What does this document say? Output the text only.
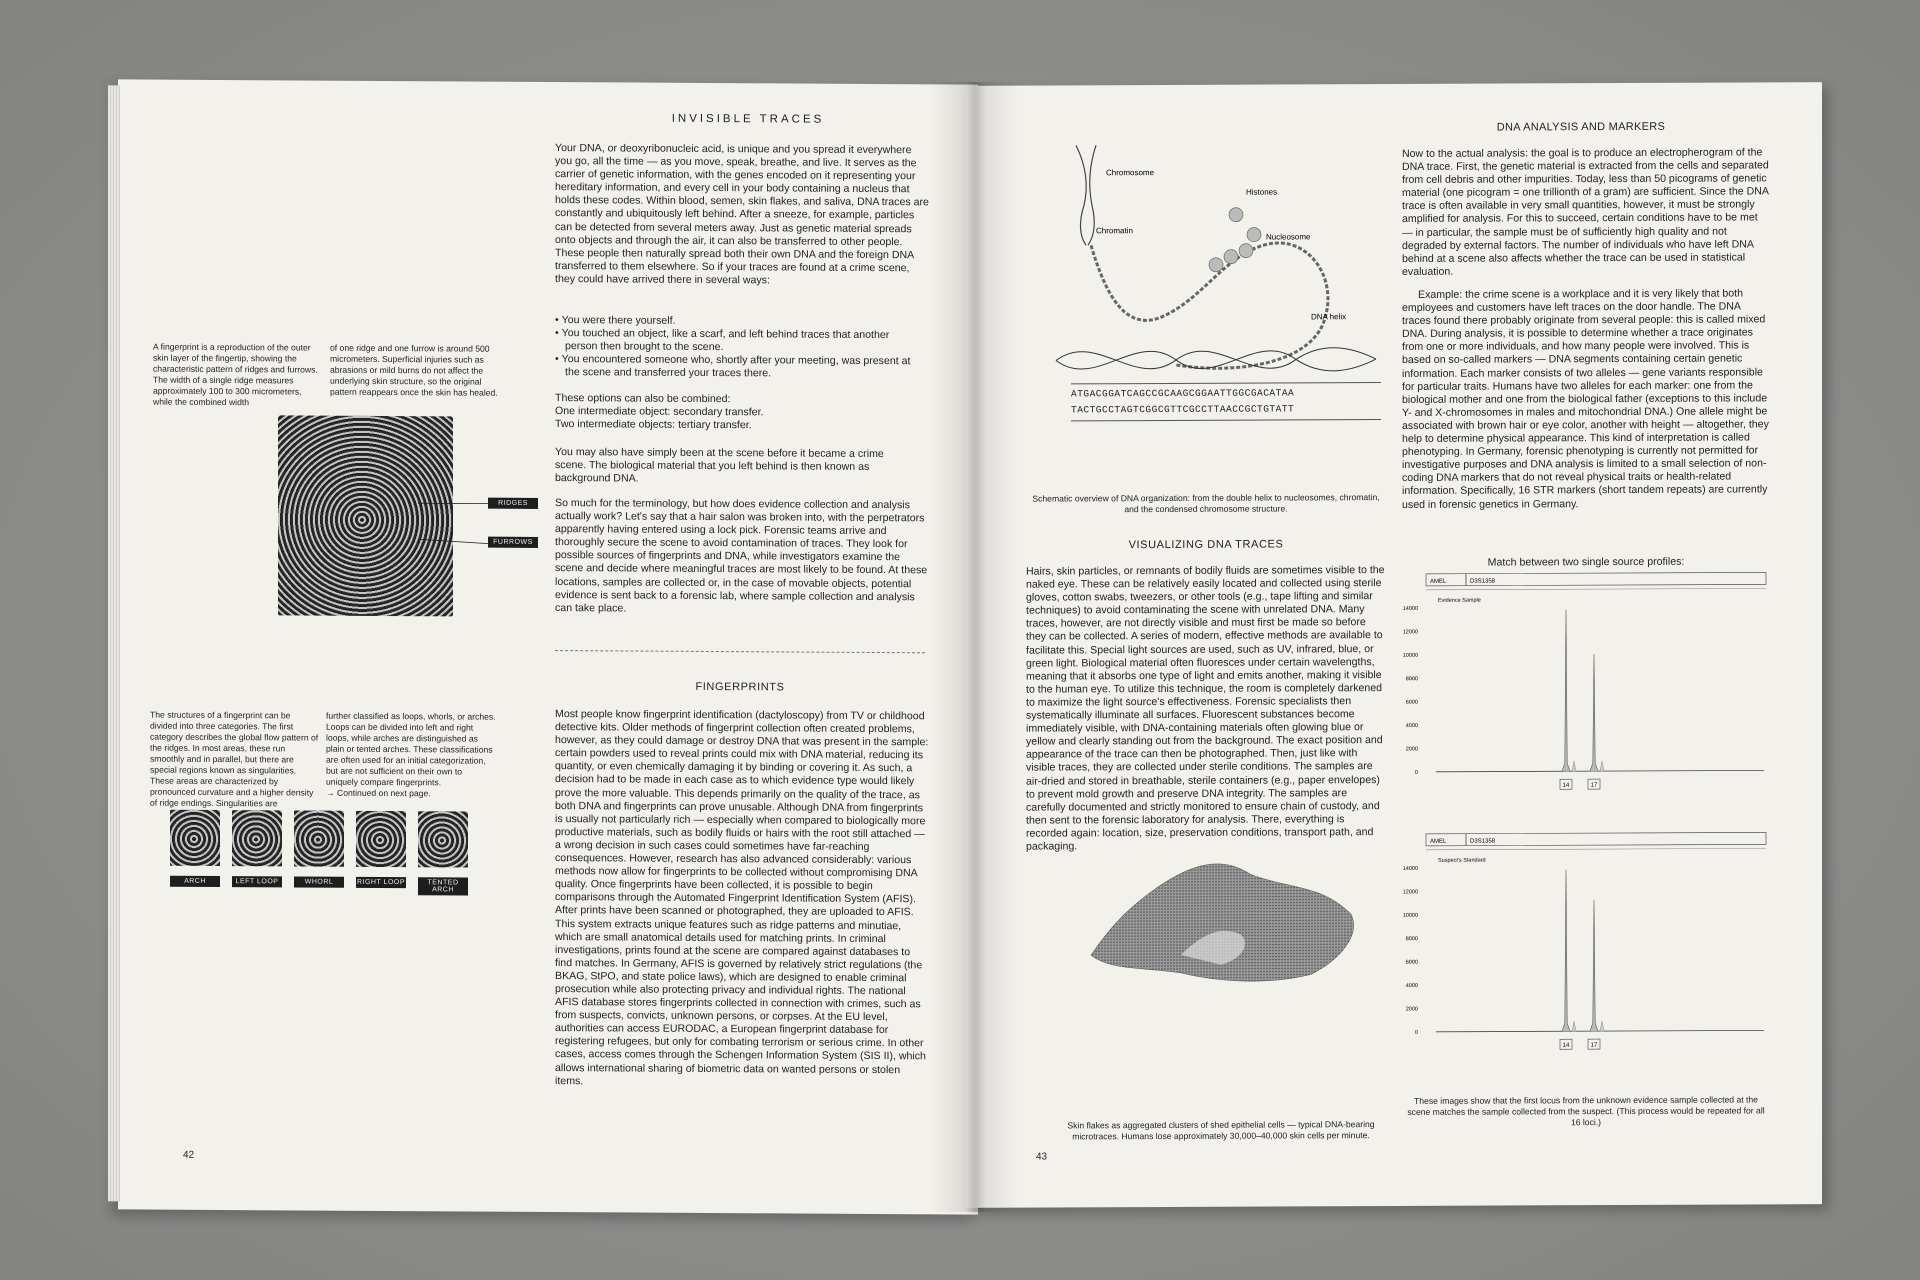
INVISIBLE TRACES
Your DNA, or deoxyribonucleic acid, is unique and you spread it everywhere you go, all the time — as you move, speak, breathe, and live. It serves as the carrier of genetic information, with the genes encoded on it representing your hereditary information, and every cell in your body containing a nucleus that holds these codes. Within blood, semen, skin flakes, and saliva, DNA traces are constantly and ubiquitously left behind. After a sneeze, for example, particles can be detected from several meters away. Just as genetic material spreads onto objects and through the air, it can also be transferred to other people. These people then naturally spread both their own DNA and the foreign DNA transferred to them elsewhere. So if your traces are found at a crime scene, they could have arrived there in several ways:
• You were there yourself.
• You touched an object, like a scarf, and left behind traces that another person then brought to the scene.
• You encountered someone who, shortly after your meeting, was present at the scene and transferred your traces there.
These options can also be combined:
One intermediate object: secondary transfer.
Two intermediate objects: tertiary transfer.
You may also have simply been at the scene before it became a crime scene. The biological material that you left behind is then known as background DNA.
So much for the terminology, but how does evidence collection and analysis actually work? Let's say that a hair salon was broken into, with the perpetrators apparently having entered using a lock pick. Forensic teams arrive and thoroughly secure the scene to avoid contamination of traces. They look for possible sources of fingerprints and DNA, while investigators examine the scene and decide where meaningful traces are most likely to be found. At these locations, samples are collected or, in the case of movable objects, potential evidence is sent back to a forensic lab, where sample collection and analysis can take place.
FINGERPRINTS
Most people know fingerprint identification (dactyloscopy) from TV or childhood detective kits. Older methods of fingerprint collection often created problems, however, as they could damage or destroy DNA that was present in the sample: certain powders used to reveal prints could mix with DNA material, reducing its quantity, or even chemically damaging it by binding or covering it. As such, a decision had to be made in each case as to which evidence type would likely prove the more valuable. This depends primarily on the quality of the trace, as both DNA and fingerprints can prove unusable. Although DNA from fingerprints is usually not particularly rich — especially when compared to biologically more productive materials, such as bodily fluids or hairs with the root still attached — a wrong decision in such cases could sometimes have far-reaching consequences. However, research has also advanced considerably: various methods now allow for fingerprints to be collected without compromising DNA quality. Once fingerprints have been collected, it is possible to begin comparisons through the Automated Fingerprint Identification System (AFIS). After prints have been scanned or photographed, they are uploaded to AFIS. This system extracts unique features such as ridge patterns and minutiae, which are small anatomical details used for matching prints. In criminal investigations, prints found at the scene are compared against databases to find matches. In Germany, AFIS is governed by relatively strict regulations (the BKAG, StPO, and state police laws), which are designed to enable criminal prosecution while also protecting privacy and individual rights. The national AFIS database stores fingerprints collected in connection with crimes, such as from suspects, convicts, unknown persons, or corpses. At the EU level, authorities can access EURODAC, a European fingerprint database for registering refugees, but only for combating terrorism or serious crime. In other cases, access comes through the Schengen Information System (SIS II), which allows international sharing of biometric data on wanted persons or stolen items.
A fingerprint is a reproduction of the outer skin layer of the fingertip, showing the characteristic pattern of ridges and furrows. The width of a single ridge measures approximately 100 to 300 micrometers, while the combined width
of one ridge and one furrow is around 500 micrometers. Superficial injuries such as abrasions or mild burns do not affect the underlying skin structure, so the original pattern reappears once the skin has healed.
RIDGES
FURROWS
The structures of a fingerprint can be divided into three categories. The first category describes the global flow pattern of the ridges. In most areas, these run smoothly and in parallel, but there are special regions known as singularities. These areas are characterized by pronounced curvature and a higher density of ridge endings. Singularities are
further classified as loops, whorls, or arches. Loops can be divided into left and right loops, while arches are distinguished as plain or tented arches. These classifications are often used for an initial categorization, but are not sufficient on their own to uniquely compare fingerprints.
→ Continued on next page.
ARCH	LEFT LOOP	WHORL	RIGHT LOOP	TENTED ARCH
42
Chromosome
Histones
Chromatin
Nucleosome
DNA helix
ATGACGGATCAGCCGCAAGCGGAATTGGCGACATAA
TACTGCCTAGTCGGCGTTCGCCTTAACCGCTGTATT
Schematic overview of DNA organization: from the double helix to nucleosomes, chromatin, and the condensed chromosome structure.
VISUALIZING DNA TRACES
Hairs, skin particles, or remnants of bodily fluids are sometimes visible to the naked eye. These can be relatively easily located and collected using sterile gloves, cotton swabs, tweezers, or other tools (e.g., tape lifting and similar techniques) to avoid contaminating the scene with unrelated DNA. Many traces, however, are not directly visible and must first be made so before they can be collected. A series of modern, effective methods are available to facilitate this. Special light sources are used, such as UV, infrared, blue, or green light. Biological material often fluoresces under certain wavelengths, meaning that it absorbs one type of light and emits another, making it visible to the human eye. To utilize this technique, the room is completely darkened to maximize the light source's effectiveness. Forensic specialists then systematically illuminate all surfaces. Fluorescent substances become immediately visible, with DNA-containing materials often glowing blue or yellow and clearly standing out from the background. The exact position and appearance of the trace can then be photographed. Then, just like with visible traces, they are collected under sterile conditions. The samples are air-dried and stored in breathable, sterile containers (e.g., paper envelopes) to prevent mold growth and preserve DNA integrity. The samples are carefully documented and strictly monitored to ensure chain of custody, and then sent to the forensic laboratory for analysis. There, everything is recorded again: location, size, preservation conditions, transport path, and packaging.
Skin flakes as aggregated clusters of shed epithelial cells — typical DNA-bearing microtraces. Humans lose approximately 30,000–40,000 skin cells per minute.
43
DNA ANALYSIS AND MARKERS
Now to the actual analysis: the goal is to produce an electropherogram of the DNA trace. First, the genetic material is extracted from the cells and separated from cell debris and other impurities. Today, less than 50 picograms of genetic material (one picogram = one trillionth of a gram) are sufficient. Since the DNA trace is often available in very small quantities, however, it must be strongly amplified for analysis. For this to succeed, certain conditions have to be met — in particular, the sample must be of sufficiently high quality and not degraded by external factors. The number of individuals who have left DNA behind at a scene also affects whether the trace can be used in statistical evaluation.
Example: the crime scene is a workplace and it is very likely that both employees and customers have left traces on the door handle. The DNA traces found there probably originate from several people: this is called mixed DNA. During analysis, it is possible to determine whether a trace originates from one or more individuals, and how many people were involved. This is based on so-called markers — DNA segments containing certain genetic information. Each marker consists of two alleles — gene variants responsible for particular traits. Humans have two alleles for each marker: one from the biological mother and one from the biological father (exceptions to this include Y- and X-chromosomes in males and mitochondrial DNA.) One allele might be associated with brown hair or eye color, another with height — altogether, they help to determine physical appearance. This kind of interpretation is called phenotyping. In Germany, forensic phenotyping is currently not permitted for investigative purposes and DNA analysis is limited to a small selection of non-coding DNA markers that do not reveal physical traits or health-related information. Specifically, 16 STR markers (short tandem repeats) are currently used in forensic genetics in Germany.
Match between two single source profiles:
AMEL	D3S1358
Evidence Sample
0
2000
4000
6000
8000
10000
12000
14000
14	17
AMEL	D3S1358
Suspect's Standard
0
2000
4000
6000
8000
10000
12000
14000
14	17
These images show that the first locus from the unknown evidence sample collected at the scene matches the sample collected from the suspect. (This process would be repeated for all 16 loci.)
